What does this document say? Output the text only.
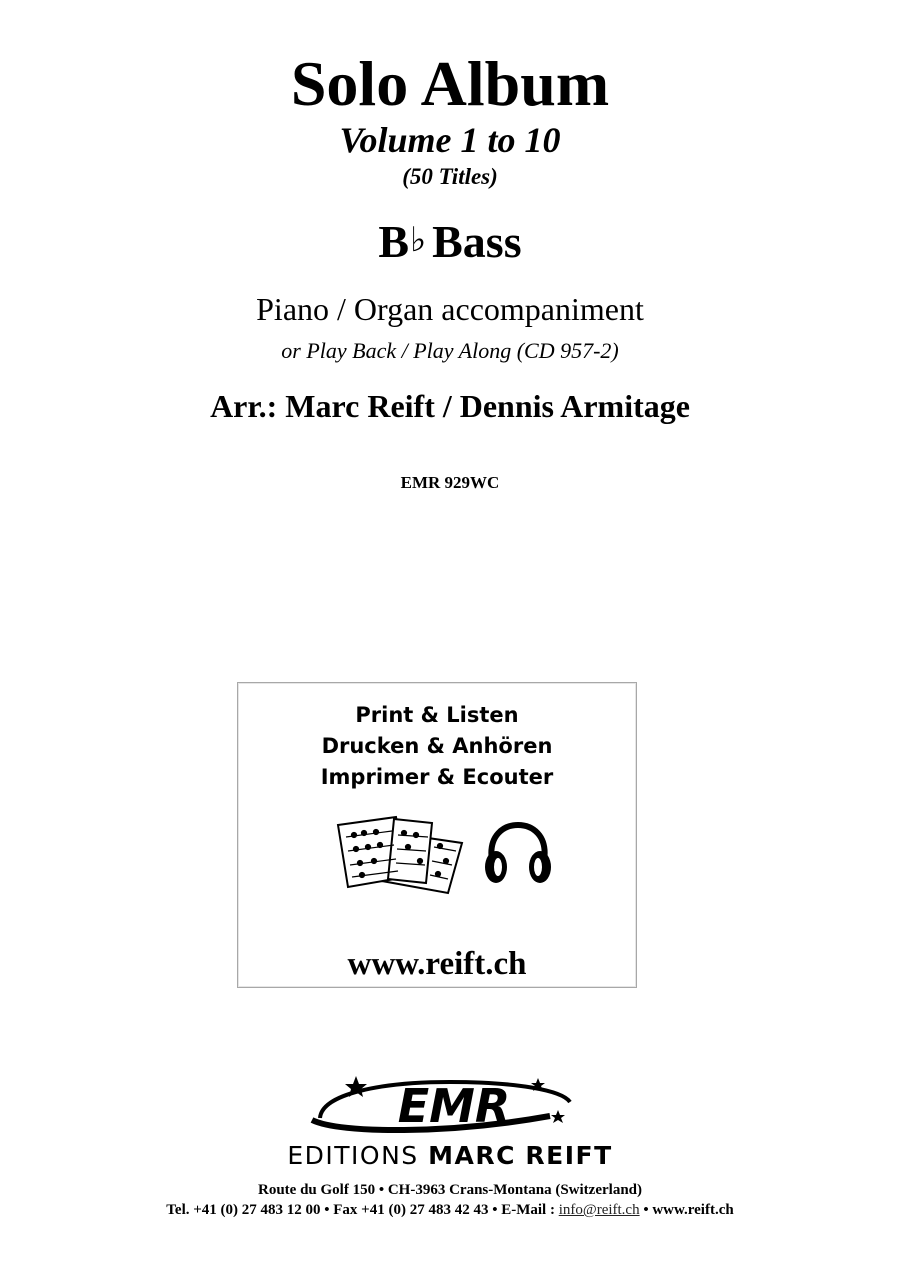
Solo Album
Volume 1 to 10
(50 Titles)
B♭ Bass
Piano / Organ accompaniment
or Play Back / Play Along (CD 957-2)
Arr.: Marc Reift / Dennis Armitage
EMR 929WC
Print & Listen
Drucken & Anhören
Imprimer & Ecouter
www.reift.ch
EMR
EDITIONS MARC REIFT
Route du Golf 150 • CH-3963 Crans-Montana (Switzerland)
Tel. +41 (0) 27 483 12 00 • Fax +41 (0) 27 483 42 43 • E-Mail : info@reift.ch • www.reift.ch
